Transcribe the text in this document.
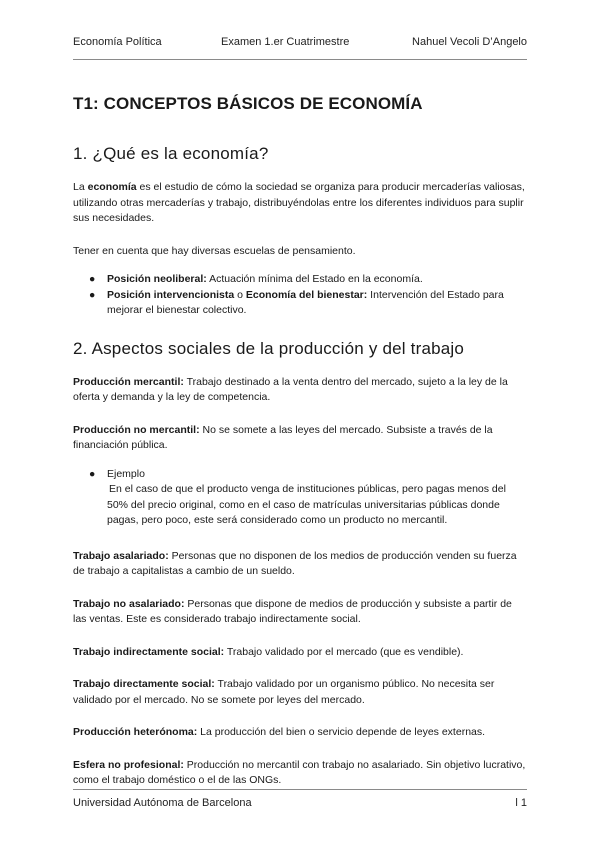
Economía Política	Examen 1.er Cuatrimestre	Nahuel Vecoli D’Angelo
T1: CONCEPTOS BÁSICOS DE ECONOMÍA
1. ¿Qué es la economía?

La economía es el estudio de cómo la sociedad se organiza para producir mercaderías valiosas, utilizando otras mercaderías y trabajo, distribuyéndolas entre los diferentes individuos para suplir sus necesidades.

Tener en cuenta que hay diversas escuelas de pensamiento.

● Posición neoliberal: Actuación mínima del Estado en la economía.
● Posición intervencionista o Economía del bienestar: Intervención del Estado para mejorar el bienestar colectivo.
2. Aspectos sociales de la producción y del trabajo

Producción mercantil: Trabajo destinado a la venta dentro del mercado, sujeto a la ley de la oferta y demanda y la ley de competencia.

Producción no mercantil: No se somete a las leyes del mercado. Subsiste a través de la financiación pública.

● Ejemplo
En el caso de que el producto venga de instituciones públicas, pero pagas menos del 50% del precio original, como en el caso de matrículas universitarias públicas donde pagas, pero poco, este será considerado como un producto no mercantil.

Trabajo asalariado: Personas que no disponen de los medios de producción venden su fuerza de trabajo a capitalistas a cambio de un sueldo.

Trabajo no asalariado: Personas que dispone de medios de producción y subsiste a partir de las ventas. Este es considerado trabajo indirectamente social.

Trabajo indirectamente social: Trabajo validado por el mercado (que es vendible).

Trabajo directamente social: Trabajo validado por un organismo público. No necesita ser validado por el mercado. No se somete por leyes del mercado.

Producción heterónoma: La producción del bien o servicio depende de leyes externas.

Esfera no profesional: Producción no mercantil con trabajo no asalariado. Sin objetivo lucrativo, como el trabajo doméstico o el de las ONGs.

Universidad Autónoma de Barcelona	l 1
